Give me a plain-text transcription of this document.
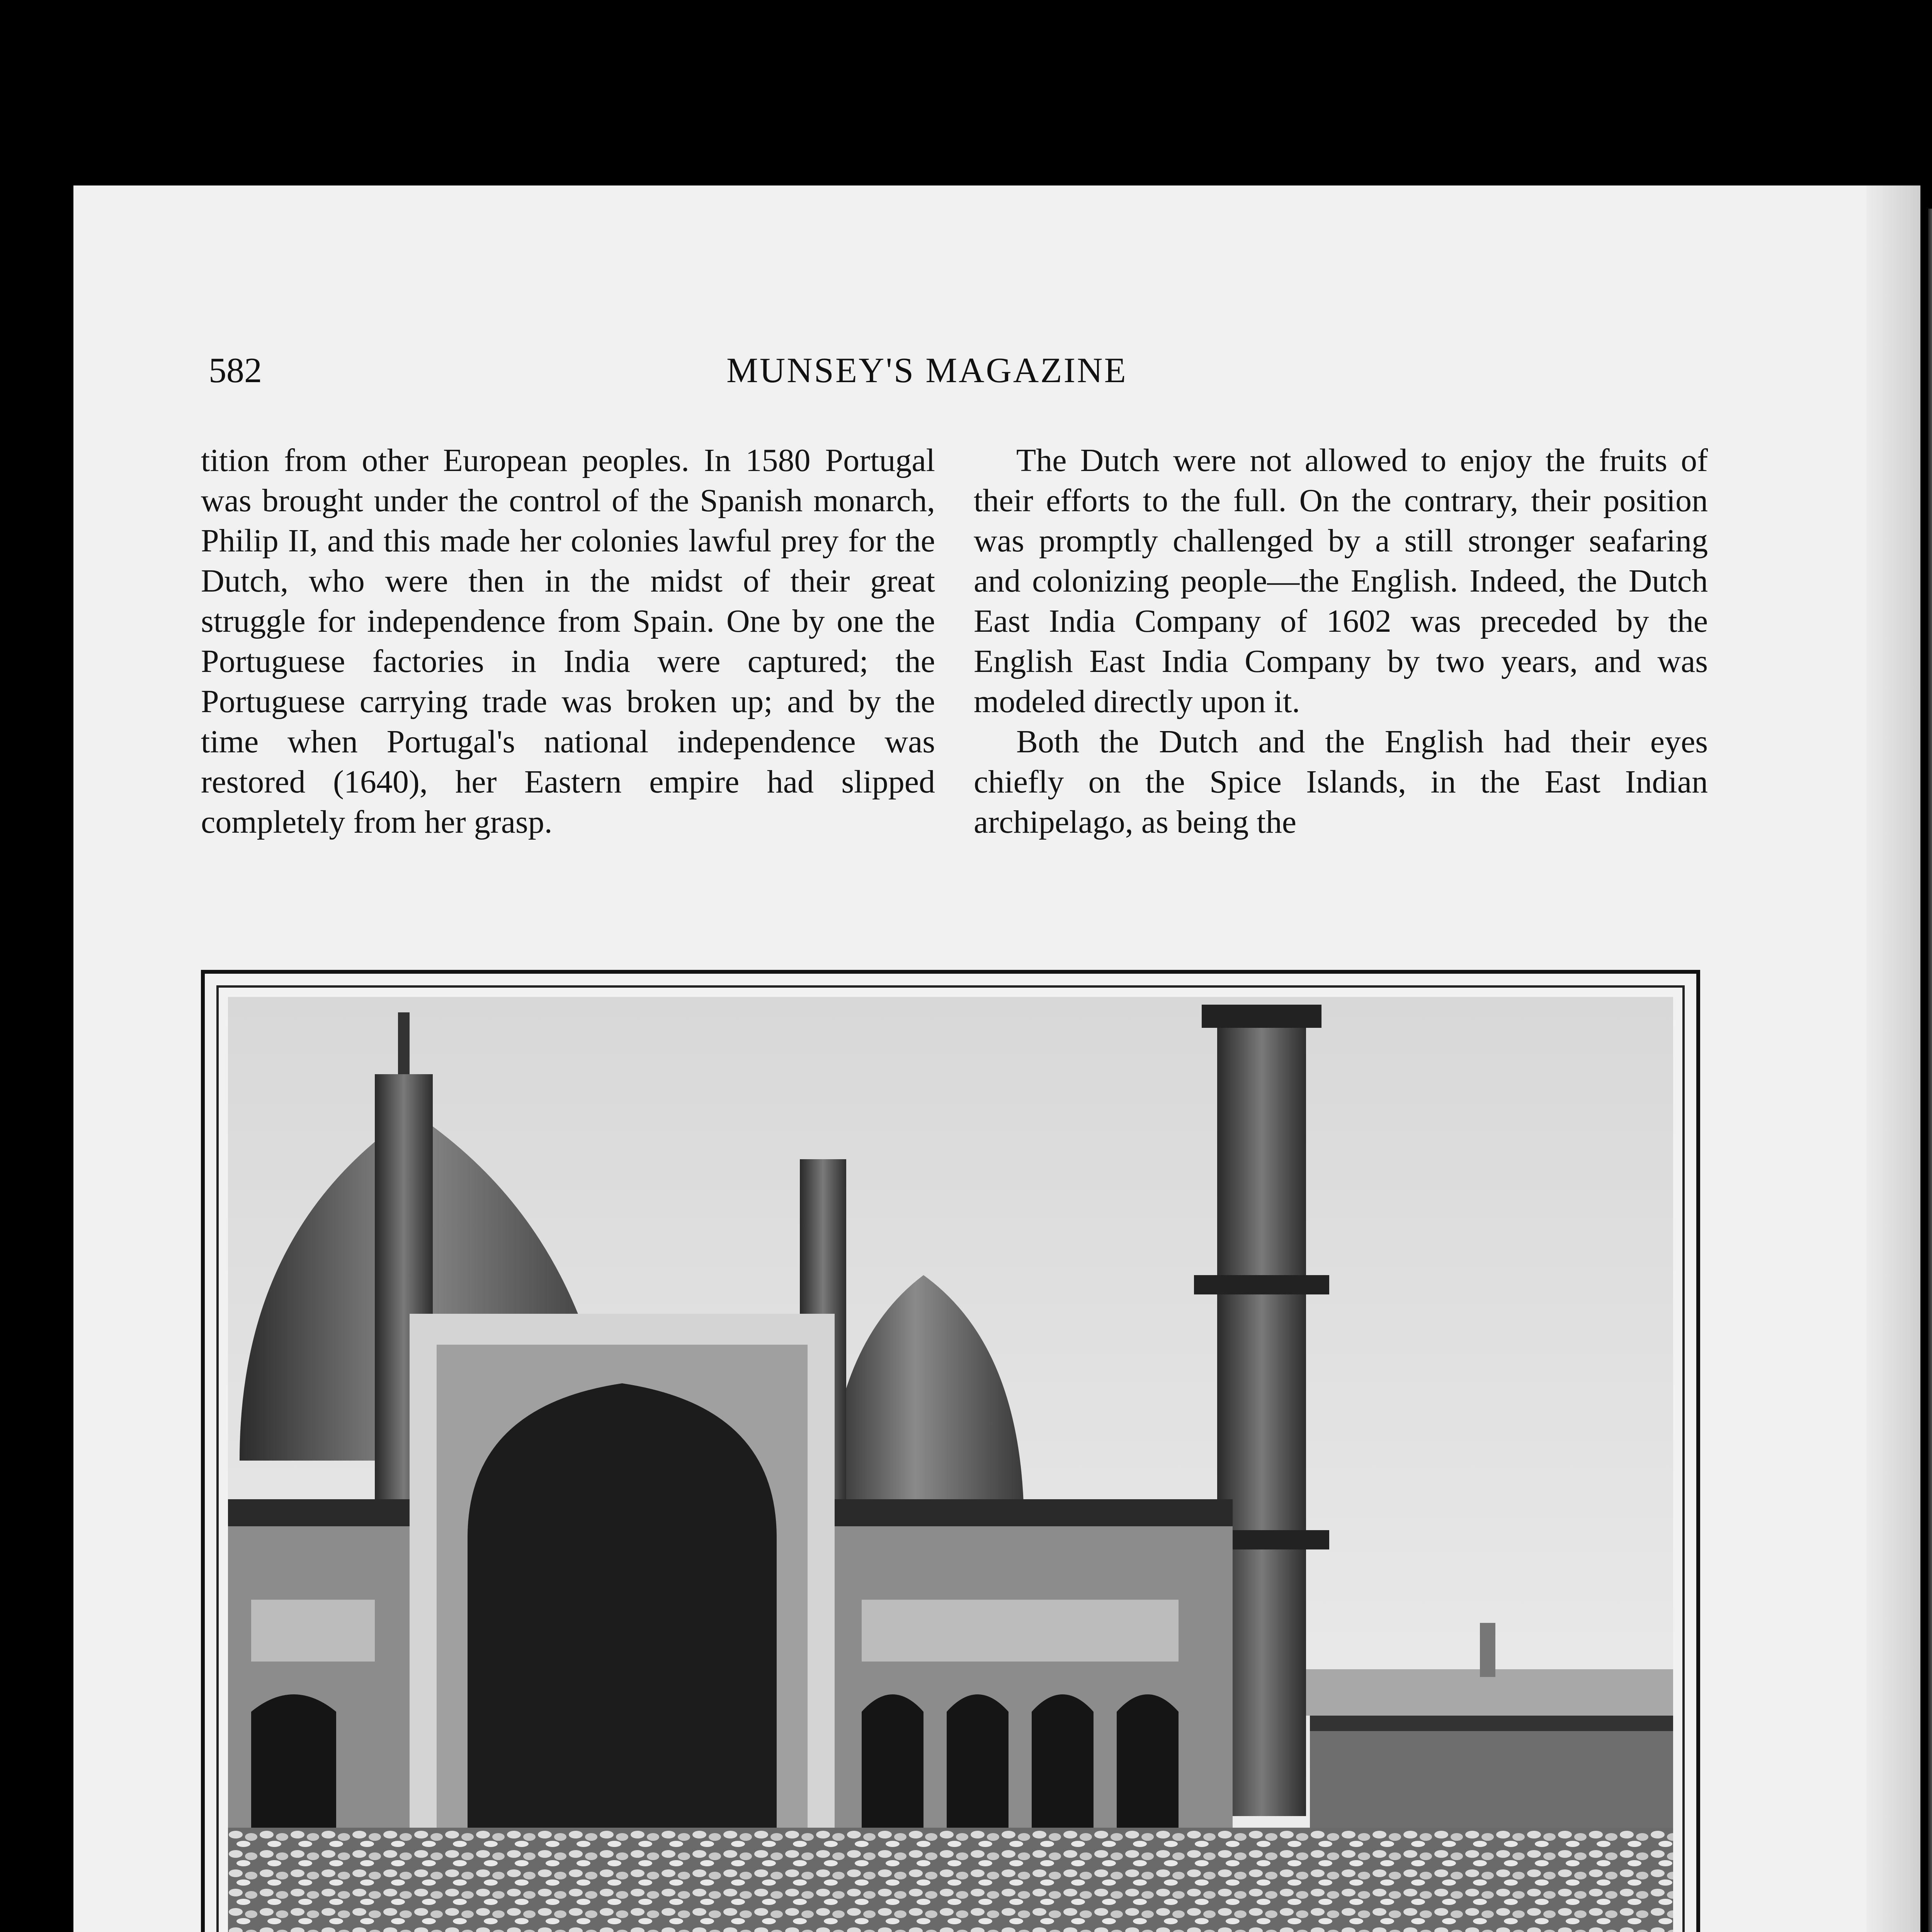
582	MUNSEY'S MAGAZINE

tition from other European peoples. In 1580 Portugal was brought under the control of the Spanish monarch, Philip II, and this made her colonies lawful prey for the Dutch, who were then in the midst of their great struggle for independence from Spain. One by one the Portuguese factories in India were captured; the Portuguese carrying trade was broken up; and by the time when Portugal's national independence was restored (1640), her Eastern empire had slipped completely from her grasp.

The Dutch were not allowed to enjoy the fruits of their efforts to the full. On the contrary, their position was promptly challenged by a still stronger seafaring and colonizing people—the English. Indeed, the Dutch East India Company of 1602 was preceded by the English East India Company by two years, and was modeled directly upon it.

Both the Dutch and the English had their eyes chiefly on the Spice Islands, in the East Indian archipelago, as being the
